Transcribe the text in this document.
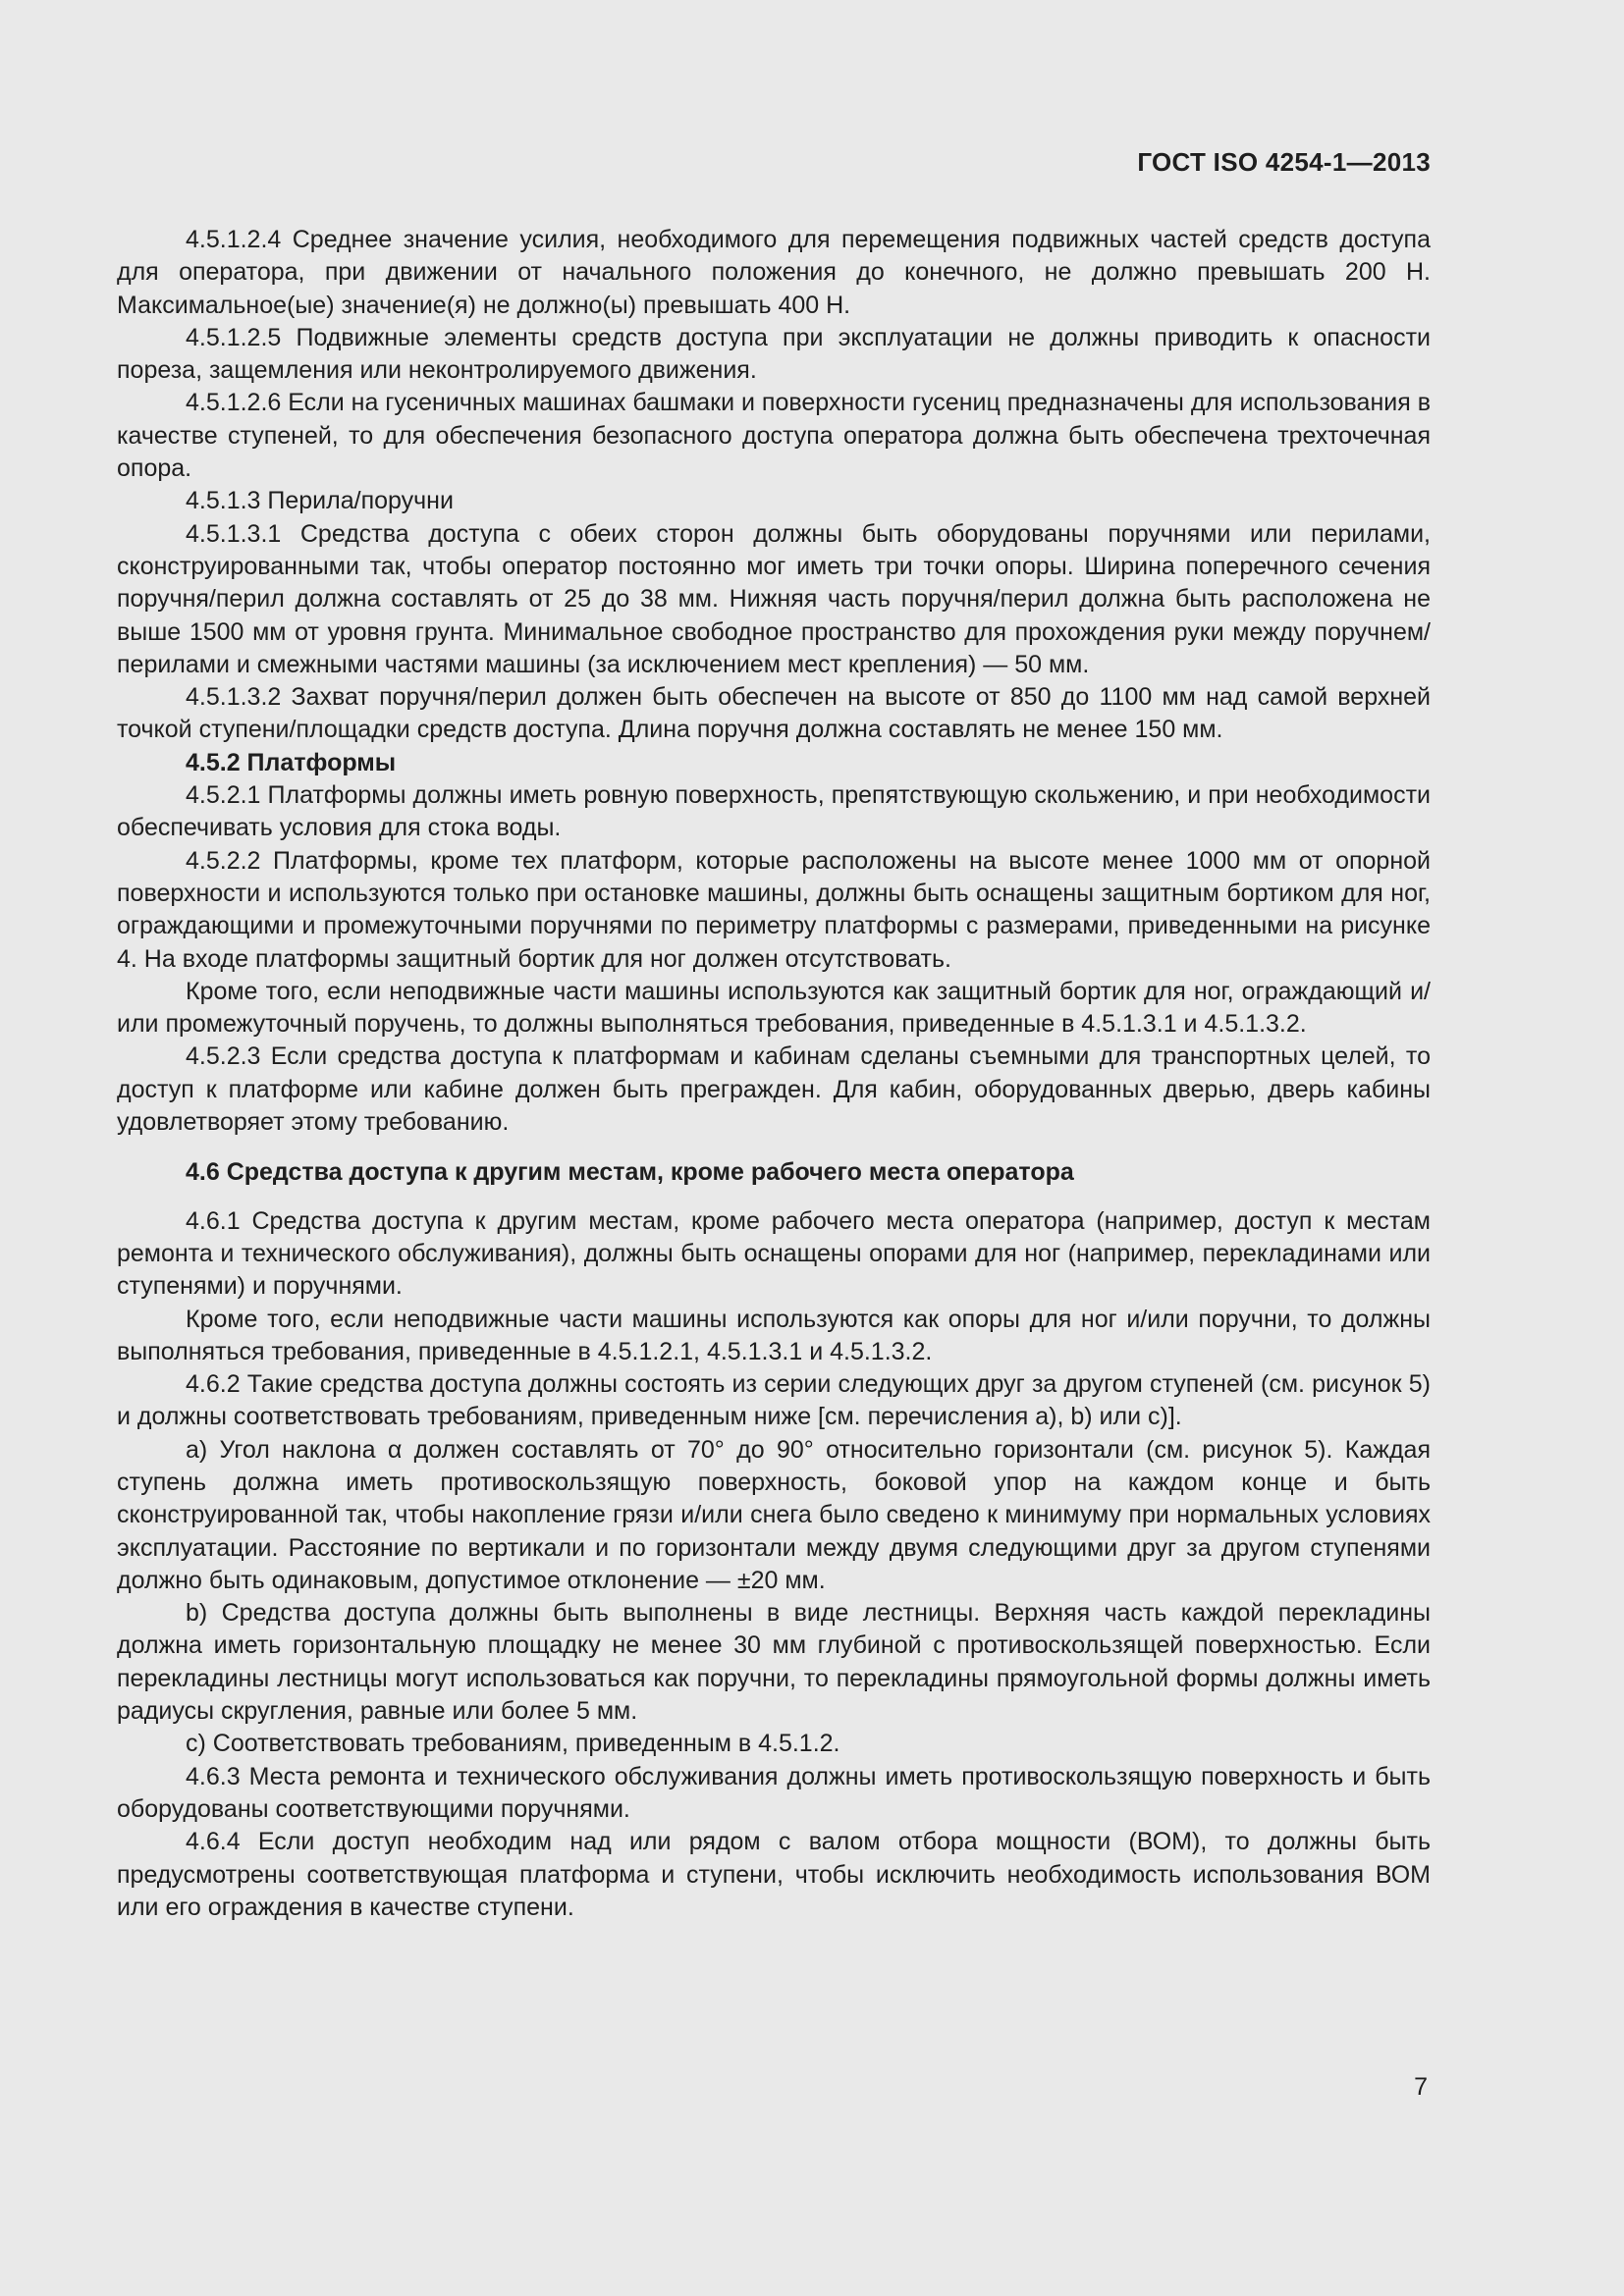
ГОСТ ISO 4254-1—2013

4.5.1.2.4 Среднее значение усилия, необходимого для перемещения подвижных частей средств доступа для оператора, при движении от начального положения до конечного, не должно превышать 200 Н. Максимальное(ые) значение(я) не должно(ы) превышать 400 Н.

4.5.1.2.5 Подвижные элементы средств доступа при эксплуатации не должны приводить к опасности пореза, защемления или неконтролируемого движения.

4.5.1.2.6 Если на гусеничных машинах башмаки и поверхности гусениц предназначены для использования в качестве ступеней, то для обеспечения безопасного доступа оператора должна быть обеспечена трехточечная опора.

4.5.1.3 Перила/поручни

4.5.1.3.1 Средства доступа с обеих сторон должны быть оборудованы поручнями или перилами, сконструированными так, чтобы оператор постоянно мог иметь три точки опоры. Ширина поперечного сечения поручня/перил должна составлять от 25 до 38 мм. Нижняя часть поручня/перил должна быть расположена не выше 1500 мм от уровня грунта. Минимальное свободное пространство для прохождения руки между поручнем/перилами и смежными частями машины (за исключением мест крепления) — 50 мм.

4.5.1.3.2 Захват поручня/перил должен быть обеспечен на высоте от 850 до 1100 мм над самой верхней точкой ступени/площадки средств доступа. Длина поручня должна составлять не менее 150 мм.

4.5.2 Платформы

4.5.2.1 Платформы должны иметь ровную поверхность, препятствующую скольжению, и при необходимости обеспечивать условия для стока воды.

4.5.2.2 Платформы, кроме тех платформ, которые расположены на высоте менее 1000 мм от опорной поверхности и используются только при остановке машины, должны быть оснащены защитным бортиком для ног, ограждающими и промежуточными поручнями по периметру платформы с размерами, приведенными на рисунке 4. На входе платформы защитный бортик для ног должен отсутствовать.

Кроме того, если неподвижные части машины используются как защитный бортик для ног, ограждающий и/или промежуточный поручень, то должны выполняться требования, приведенные в 4.5.1.3.1 и 4.5.1.3.2.

4.5.2.3 Если средства доступа к платформам и кабинам сделаны съемными для транспортных целей, то доступ к платформе или кабине должен быть прегражден. Для кабин, оборудованных дверью, дверь кабины удовлетворяет этому требованию.

4.6 Средства доступа к другим местам, кроме рабочего места оператора

4.6.1 Средства доступа к другим местам, кроме рабочего места оператора (например, доступ к местам ремонта и технического обслуживания), должны быть оснащены опорами для ног (например, перекладинами или ступенями) и поручнями.

Кроме того, если неподвижные части машины используются как опоры для ног и/или поручни, то должны выполняться требования, приведенные в 4.5.1.2.1, 4.5.1.3.1 и 4.5.1.3.2.

4.6.2 Такие средства доступа должны состоять из серии следующих друг за другом ступеней (см. рисунок 5) и должны соответствовать требованиям, приведенным ниже [см. перечисления a), b) или c)].

a) Угол наклона α должен составлять от 70° до 90° относительно горизонтали (см. рисунок 5). Каждая ступень должна иметь противоскользящую поверхность, боковой упор на каждом конце и быть сконструированной так, чтобы накопление грязи и/или снега было сведено к минимуму при нормальных условиях эксплуатации. Расстояние по вертикали и по горизонтали между двумя следующими друг за другом ступенями должно быть одинаковым, допустимое отклонение — ±20 мм.

b) Средства доступа должны быть выполнены в виде лестницы. Верхняя часть каждой перекладины должна иметь горизонтальную площадку не менее 30 мм глубиной с противоскользящей поверхностью. Если перекладины лестницы могут использоваться как поручни, то перекладины прямоугольной формы должны иметь радиусы скругления, равные или более 5 мм.

c) Соответствовать требованиям, приведенным в 4.5.1.2.

4.6.3 Места ремонта и технического обслуживания должны иметь противоскользящую поверхность и быть оборудованы соответствующими поручнями.

4.6.4 Если доступ необходим над или рядом с валом отбора мощности (ВОМ), то должны быть предусмотрены соответствующая платформа и ступени, чтобы исключить необходимость использования ВОМ или его ограждения в качестве ступени.

7
